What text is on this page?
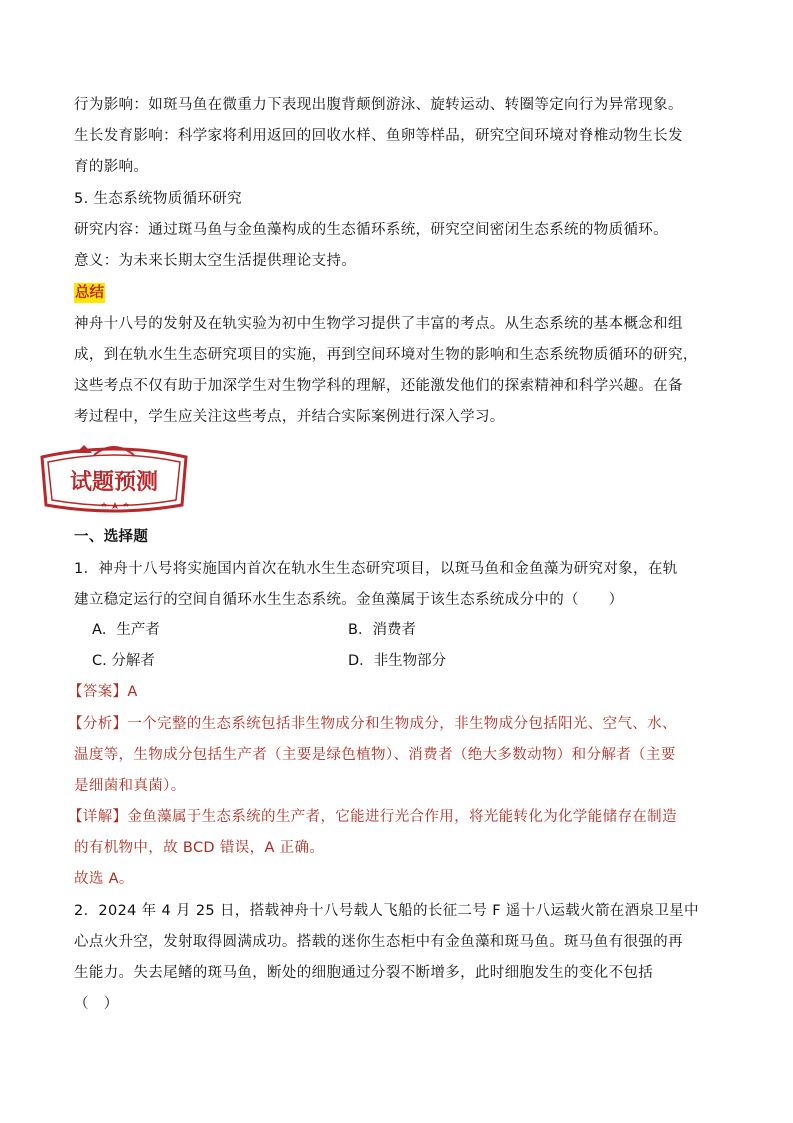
行为影响：如斑马鱼在微重力下表现出腹背颠倒游泳、旋转运动、转圈等定向行为异常现象。
生长发育影响：科学家将利用返回的回收水样、鱼卵等样品，研究空间环境对脊椎动物生长发
育的影响。
5. 生态系统物质循环研究
研究内容：通过斑马鱼与金鱼藻构成的生态循环系统，研究空间密闭生态系统的物质循环。
意义：为未来长期太空生活提供理论支持。
总结
神舟十八号的发射及在轨实验为初中生物学习提供了丰富的考点。从生态系统的基本概念和组
成，到在轨水生生态研究项目的实施，再到空间环境对生物的影响和生态系统物质循环的研究，
这些考点不仅有助于加深学生对生物学科的理解，还能激发他们的探索精神和科学兴趣。在备
考过程中，学生应关注这些考点，并结合实际案例进行深入学习。
试题预测
一、选择题
1．神舟十八号将实施国内首次在轨水生生态研究项目，以斑马鱼和金鱼藻为研究对象，在轨
建立稳定运行的空间自循环水生生态系统。金鱼藻属于该生态系统成分中的（　　）
A．生产者	B．消费者
C. 分解者	D．非生物部分
【答案】A
【分析】一个完整的生态系统包括非生物成分和生物成分，非生物成分包括阳光、空气、水、
温度等，生物成分包括生产者（主要是绿色植物）、消费者（绝大多数动物）和分解者（主要
是细菌和真菌）。
【详解】金鱼藻属于生态系统的生产者，它能进行光合作用，将光能转化为化学能储存在制造
的有机物中，故 BCD 错误，A 正确。
故选 A。
2．2024 年 4 月 25 日，搭载神舟十八号载人飞船的长征二号 F 遥十八运载火箭在酒泉卫星中
心点火升空，发射取得圆满成功。搭载的迷你生态柜中有金鱼藻和斑马鱼。斑马鱼有很强的再
生能力。失去尾鳍的斑马鱼，断处的细胞通过分裂不断增多，此时细胞发生的变化不包括
（　）
